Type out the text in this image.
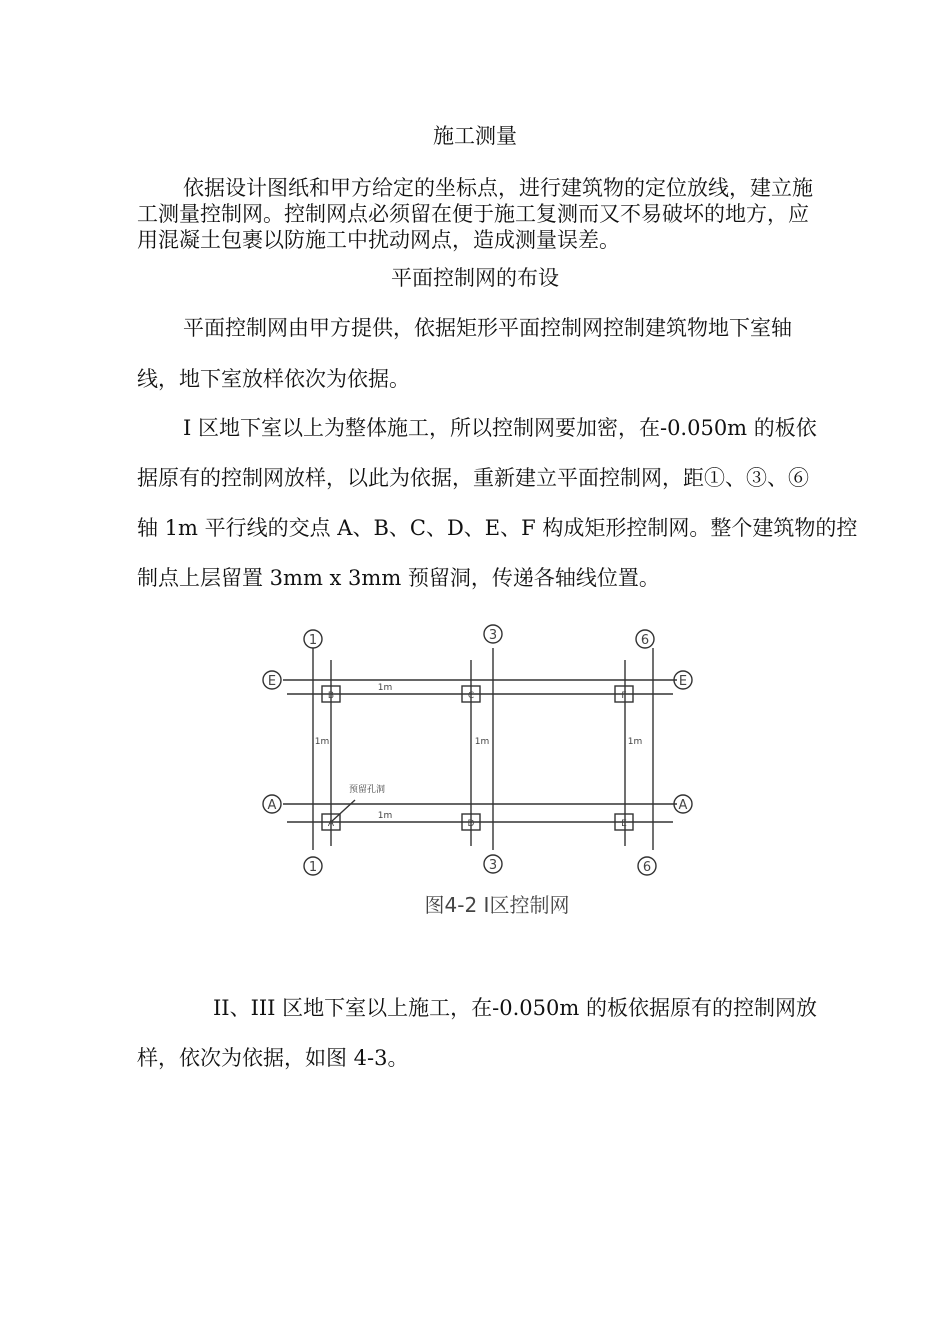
施工测量
依据设计图纸和甲方给定的坐标点，进行建筑物的定位放线，建立施
工测量控制网。控制网点必须留在便于施工复测而又不易破坏的地方，应
用混凝土包裹以防施工中扰动网点，造成测量误差。
平面控制网的布设
平面控制网由甲方提供，依据矩形平面控制网控制建筑物地下室轴
线，地下室放样依次为依据。
I 区地下室以上为整体施工，所以控制网要加密，在-0.050m 的板依
据原有的控制网放样，以此为依据，重新建立平面控制网，距①、③、⑥
轴 1m 平行线的交点 A、B、C、D、E、F 构成矩形控制网。整个建筑物的控
制点上层留置 3mm x 3mm 预留洞，传递各轴线位置。
1	3	6
1	3	6
E
A
E
A
B	C	F
A	D	E
1m	1m	1m
1m
1m
预留孔洞
图4-2 I区控制网
II、III 区地下室以上施工，在-0.050m 的板依据原有的控制网放
样，依次为依据，如图 4-3。
